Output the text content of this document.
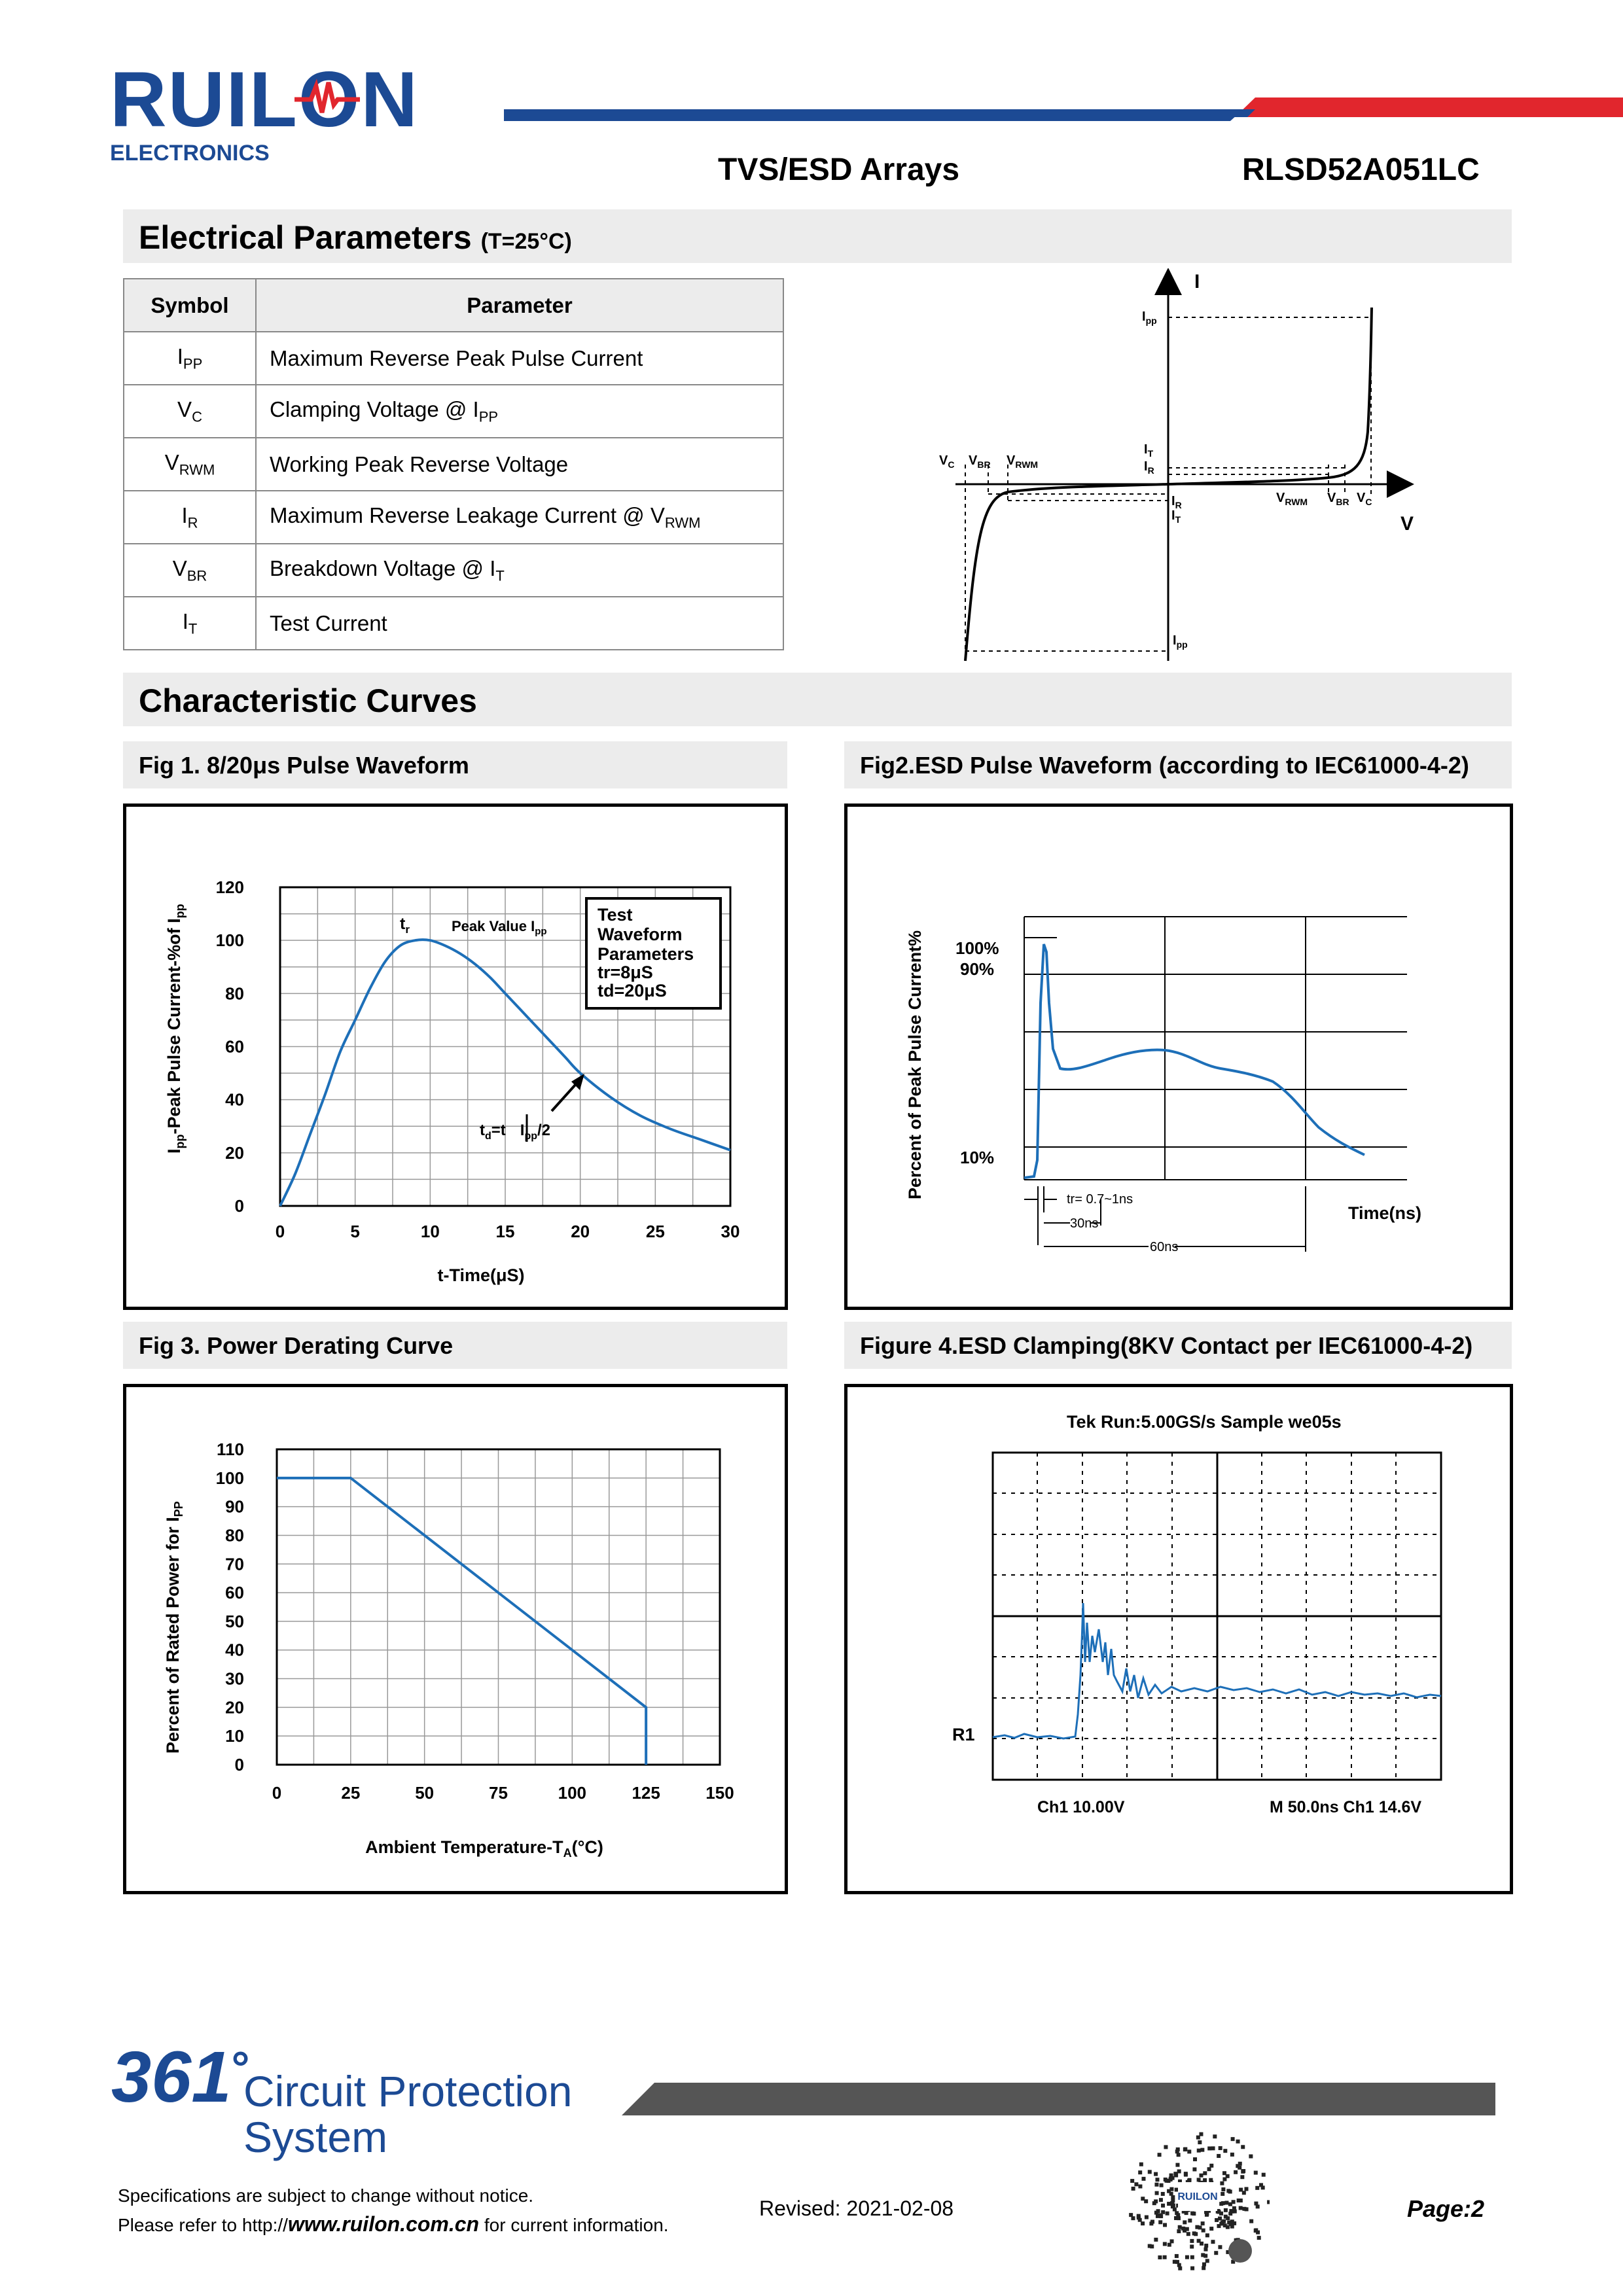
RUILO
N
ELECTRONICS	TVS/ESD Arrays	RLSD52A051LC
Electrical Parameters (T=25°C)
Symbol	Parameter
$I_{PP}$	Maximum Reverse Peak Pulse Current
$V_C$	Clamping Voltage @ $I_{PP}$
$V_{RWM}$	Working Peak Reverse Voltage
$I_R$	Maximum Reverse Leakage Current @ $V_{RWM}$
$V_{BR}$	Breakdown Voltage @ $I_T$
$I_T$	Test Current
I
V
$I_{pp}$
$I_T$
$I_R$
$I_R$
$I_T$
$I_{pp}$
$V_C$ $V_{BR}$ $V_{RWM}$
$V_{RWM}$ $V_{BR}$ $V_C$
Characteristic Curves
Fig 1. 8/20μs Pulse Waveform	Fig2.ESD Pulse Waveform (according to IEC61000-4-2)
$I_{pp}$-Peak Pulse Current-%of $I_{pp}$
t-Time(μS)
0	5	10	15	20	25	30
0
20
40
60
80
100
120
$t_r$	Peak Value $I_{pp}$
Test
Waveform
Parameters
tr=8μS
td=20μS
$t_d=t$ $I_{pp}/2$	Percent of Peak Pulse Current% 100%
90%
10%
Time(ns)
tr= 0.7~1ns
30ns
60ns
Fig 3. Power Derating Curve	Figure 4.ESD Clamping(8KV Contact per IEC61000-4-2)
Percent of Rated Power for $I_{PP}$
Ambient Temperature-$T_A(^\circ C)$
0	25	50	75	100	125	150
0
10
20
30
40
50
60
70
80
90
100
110
Tek Run:5.00GS/s Sample we05s
R1
Ch1 10.00V	M 50.0ns Ch1 14.6V
361°
Circuit Protection
System
Specifications are subject to change without notice.
Please refer to http://www.ruilon.com.cn for current information.
Revised: 2021-02-08	Page:2
RUILON
